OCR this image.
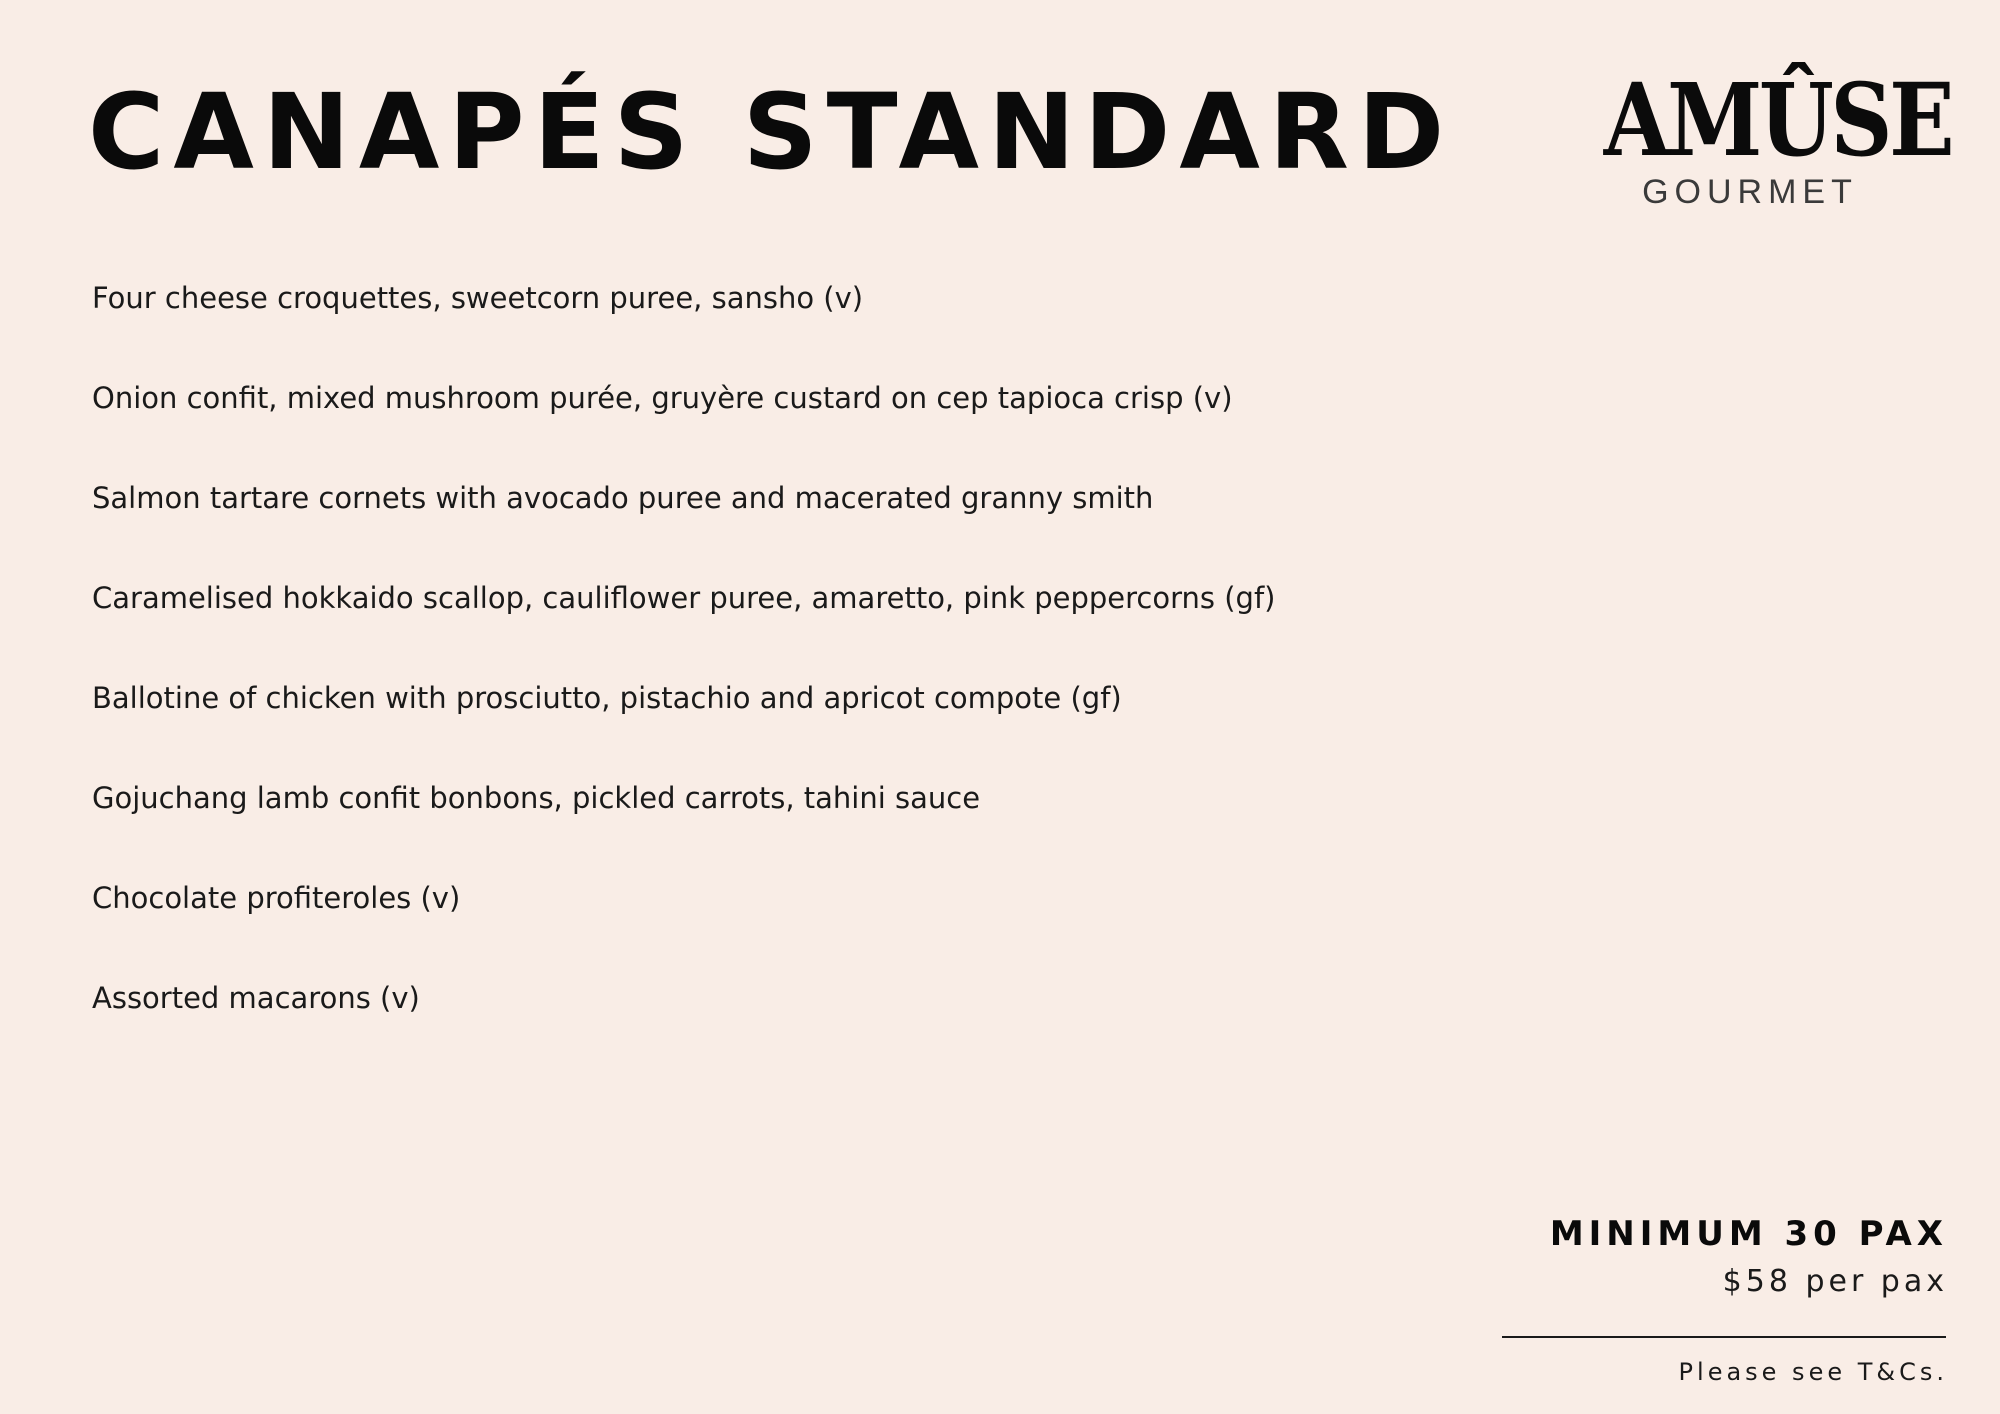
CANAPÉS STANDARD AMÛSE
GOURMET
Four cheese croquettes, sweetcorn puree, sansho (v)
Onion confit, mixed mushroom purée, gruyère custard on cep tapioca crisp (v)
Salmon tartare cornets with avocado puree and macerated granny smith
Caramelised hokkaido scallop, cauliflower puree, amaretto, pink peppercorns (gf)
Ballotine of chicken with prosciutto, pistachio and apricot compote (gf)
Gojuchang lamb confit bonbons, pickled carrots, tahini sauce
Chocolate profiteroles (v)
Assorted macarons (v)
MINIMUM 30 PAX
$58 per pax
Please see T&Cs.
